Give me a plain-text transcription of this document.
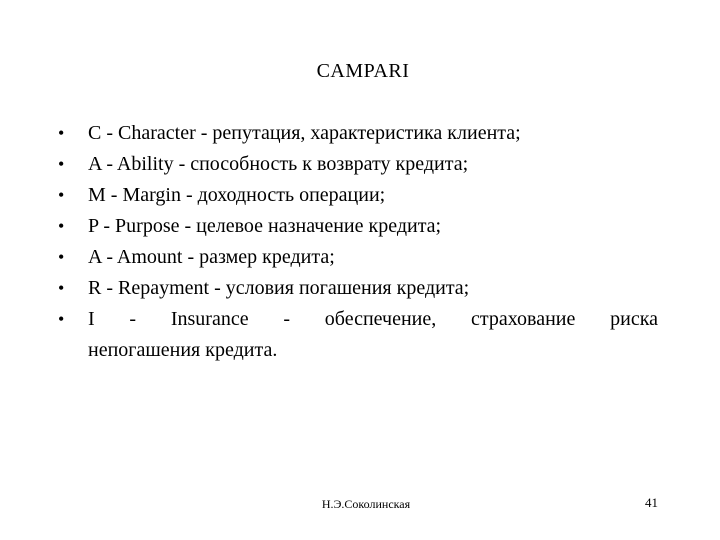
CAMPARI
•	C - Character - репутация, характеристика клиента;
•	A - Ability - способность к возврату кредита;
•	M - Margin - доходность операции;
•	P - Purpose - целевое назначение кредита;
•	A - Amount - размер кредита;
•	R - Repayment - условия погашения кредита;
•	I - Insurance - обеспечение, страхование риска
непогашения кредита.
Н.Э.Соколинская	41
